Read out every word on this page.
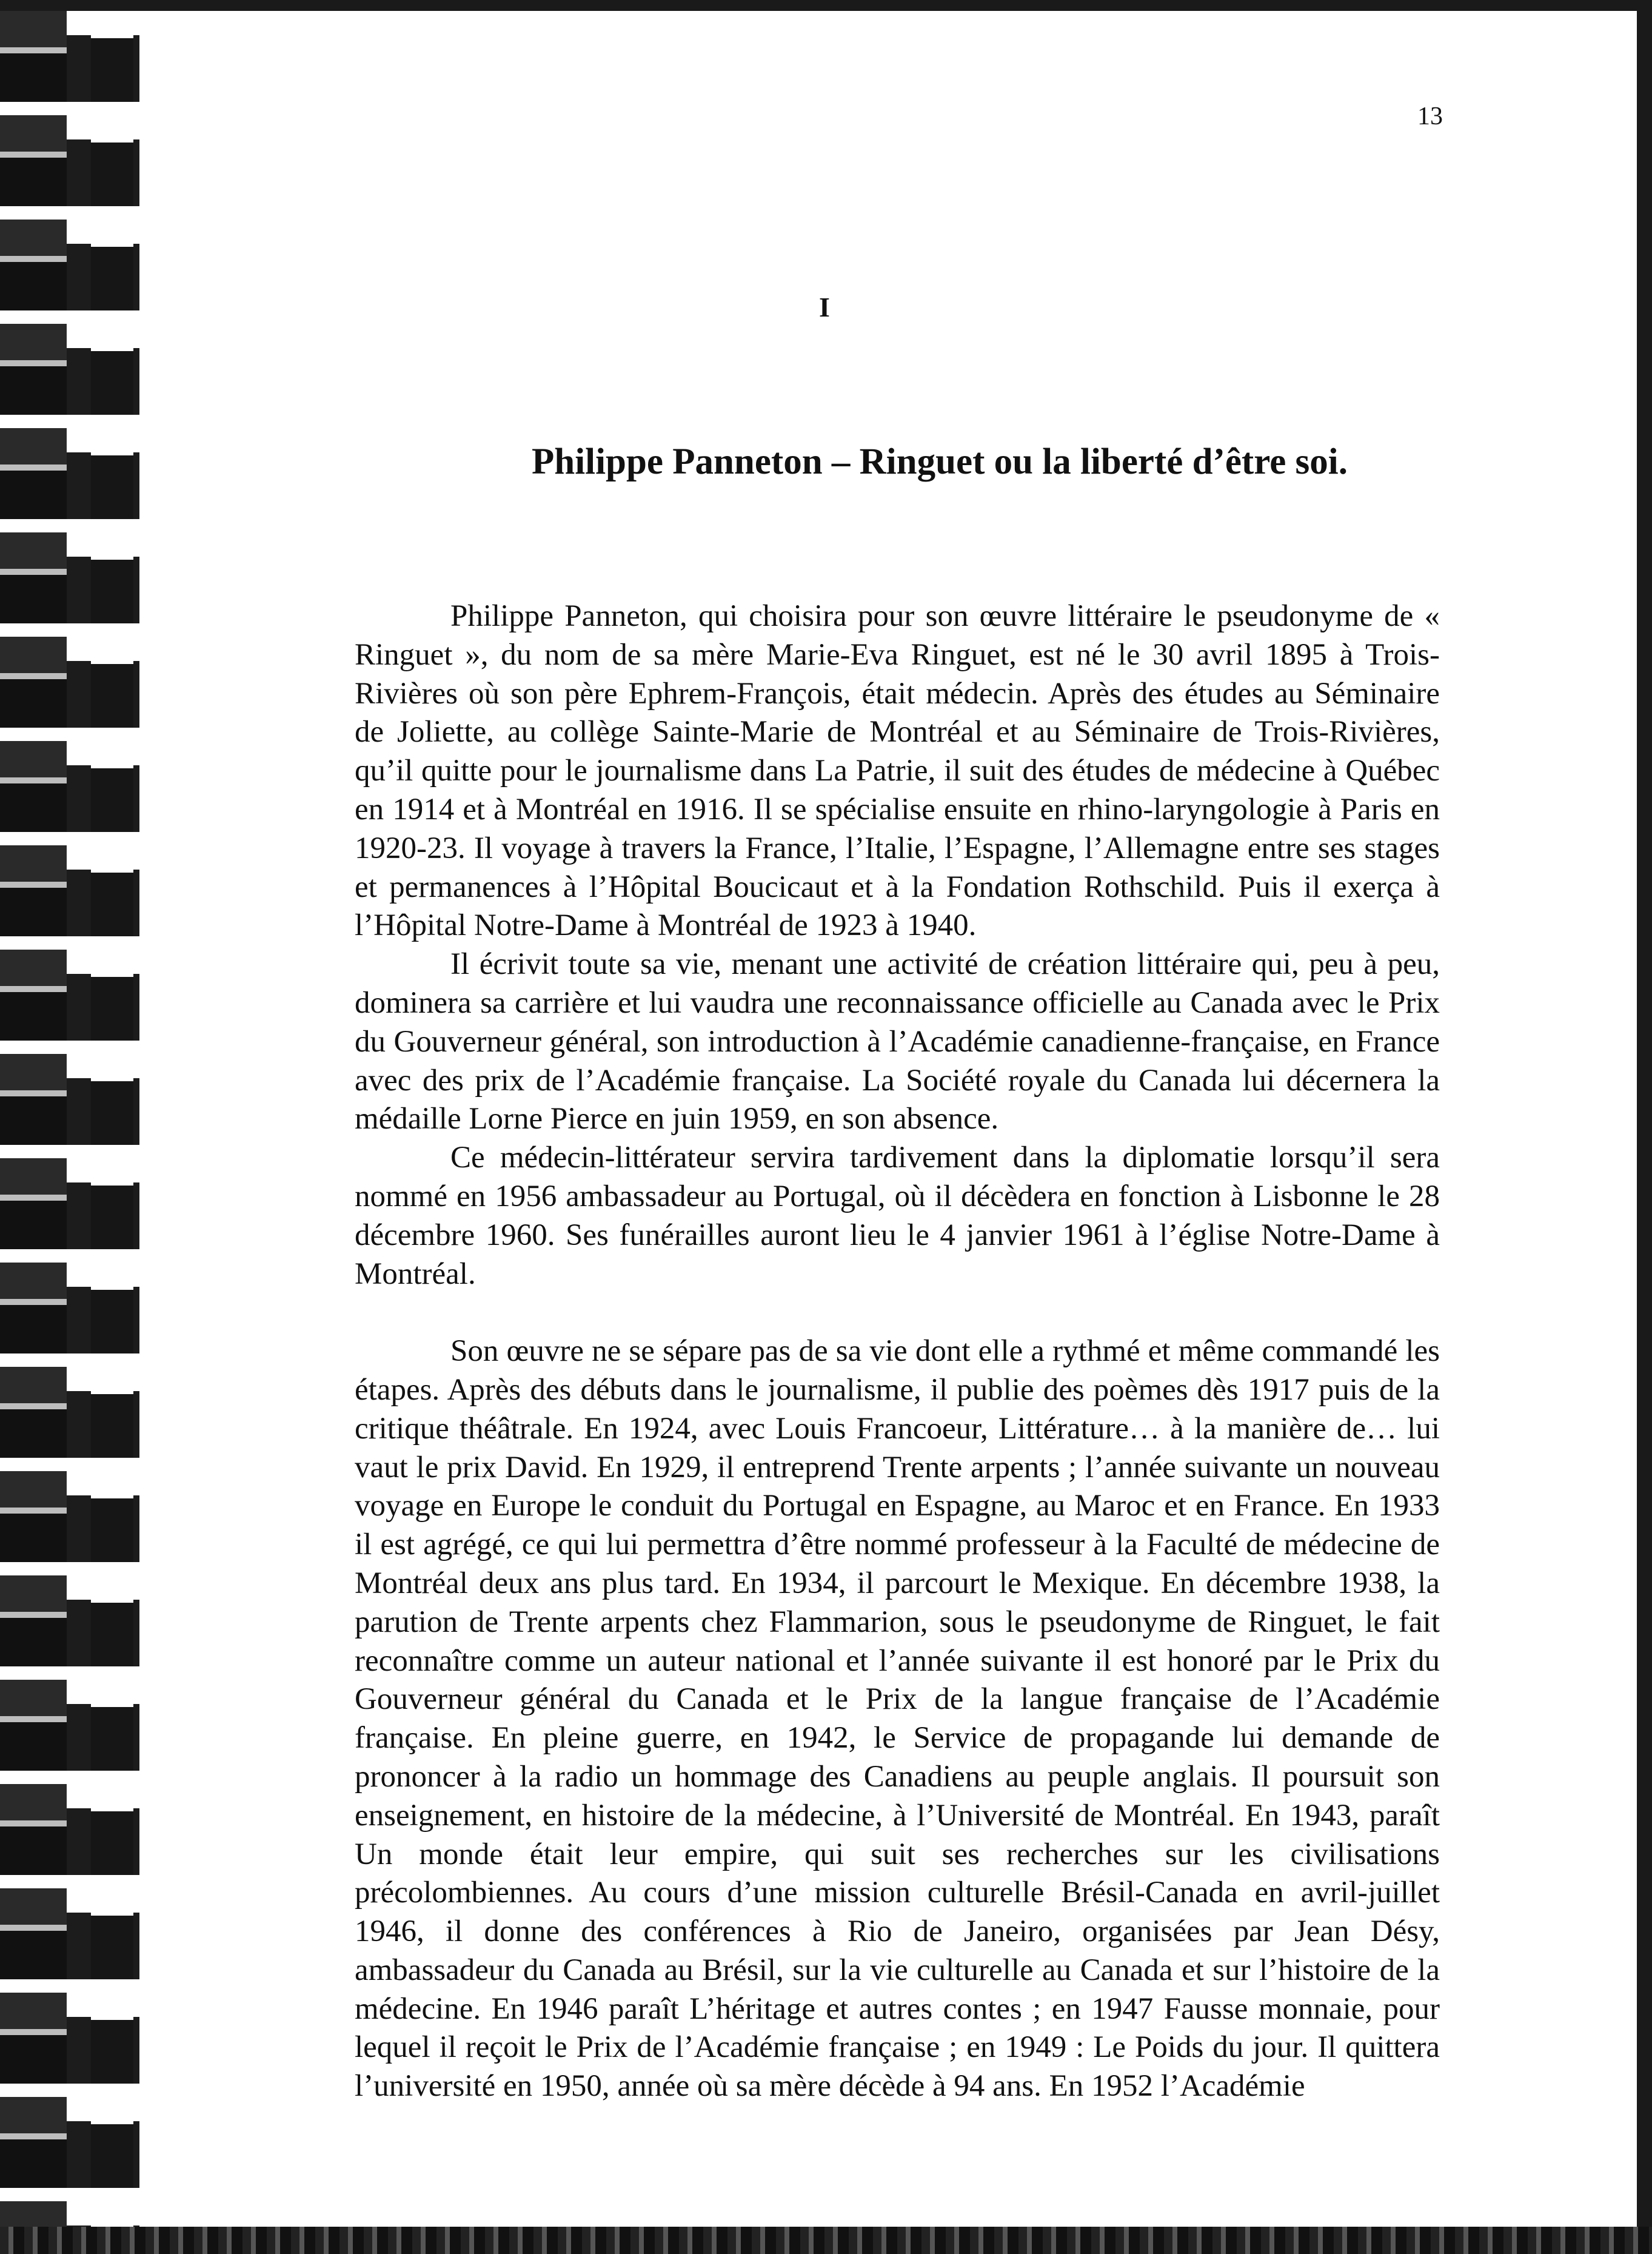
13
I
Philippe Panneton – Ringuet ou la liberté d’être soi.

Philippe Panneton, qui choisira pour son œuvre littéraire le pseudonyme de « Ringuet », du nom de sa mère Marie-Eva Ringuet, est né le 30 avril 1895 à Trois-Rivières où son père Ephrem-François, était médecin. Après des études au Séminaire de Joliette, au collège Sainte-Marie de Montréal et au Séminaire de Trois-Rivières, qu’il quitte pour le journalisme dans La Patrie, il suit des études de médecine à Québec en 1914 et à Montréal en 1916. Il se spécialise ensuite en rhino-laryngologie à Paris en 1920-23. Il voyage à travers la France, l’Italie, l’Espagne, l’Allemagne entre ses stages et permanences à l’Hôpital Boucicaut et à la Fondation Rothschild. Puis il exerça à l’Hôpital Notre-Dame à Montréal de 1923 à 1940.

Il écrivit toute sa vie, menant une activité de création littéraire qui, peu à peu, dominera sa carrière et lui vaudra une reconnaissance officielle au Canada avec le Prix du Gouverneur général, son introduction à l’Académie canadienne-française, en France avec des prix de l’Académie française. La Société royale du Canada lui décernera la médaille Lorne Pierce en juin 1959, en son absence.

Ce médecin-littérateur servira tardivement dans la diplomatie lorsqu’il sera nommé en 1956 ambassadeur au Portugal, où il décèdera en fonction à Lisbonne le 28 décembre 1960. Ses funérailles auront lieu le 4 janvier 1961 à l’église Notre-Dame à Montréal.

Son œuvre ne se sépare pas de sa vie dont elle a rythmé et même commandé les étapes. Après des débuts dans le journalisme, il publie des poèmes dès 1917 puis de la critique théâtrale. En 1924, avec Louis Francoeur, Littérature… à la manière de… lui vaut le prix David. En 1929, il entreprend Trente arpents ; l’année suivante un nouveau voyage en Europe le conduit du Portugal en Espagne, au Maroc et en France. En 1933 il est agrégé, ce qui lui permettra d’être nommé professeur à la Faculté de médecine de Montréal deux ans plus tard. En 1934, il parcourt le Mexique. En décembre 1938, la parution de Trente arpents chez Flammarion, sous le pseudonyme de Ringuet, le fait reconnaître comme un auteur national et l’année suivante il est honoré par le Prix du Gouverneur général du Canada et le Prix de la langue française de l’Académie française. En pleine guerre, en 1942, le Service de propagande lui demande de prononcer à la radio un hommage des Canadiens au peuple anglais. Il poursuit son enseignement, en histoire de la médecine, à l’Université de Montréal. En 1943, paraît Un monde était leur empire, qui suit ses recherches sur les civilisations précolombiennes. Au cours d’une mission culturelle Brésil-Canada en avril-juillet 1946, il donne des conférences à Rio de Janeiro, organisées par Jean Désy, ambassadeur du Canada au Brésil, sur la vie culturelle au Canada et sur l’histoire de la médecine. En 1946 paraît L’héritage et autres contes ; en 1947 Fausse monnaie, pour lequel il reçoit le Prix de l’Académie française ; en 1949 : Le Poids du jour. Il quittera l’université en 1950, année où sa mère décède à 94 ans. En 1952 l’Académie
